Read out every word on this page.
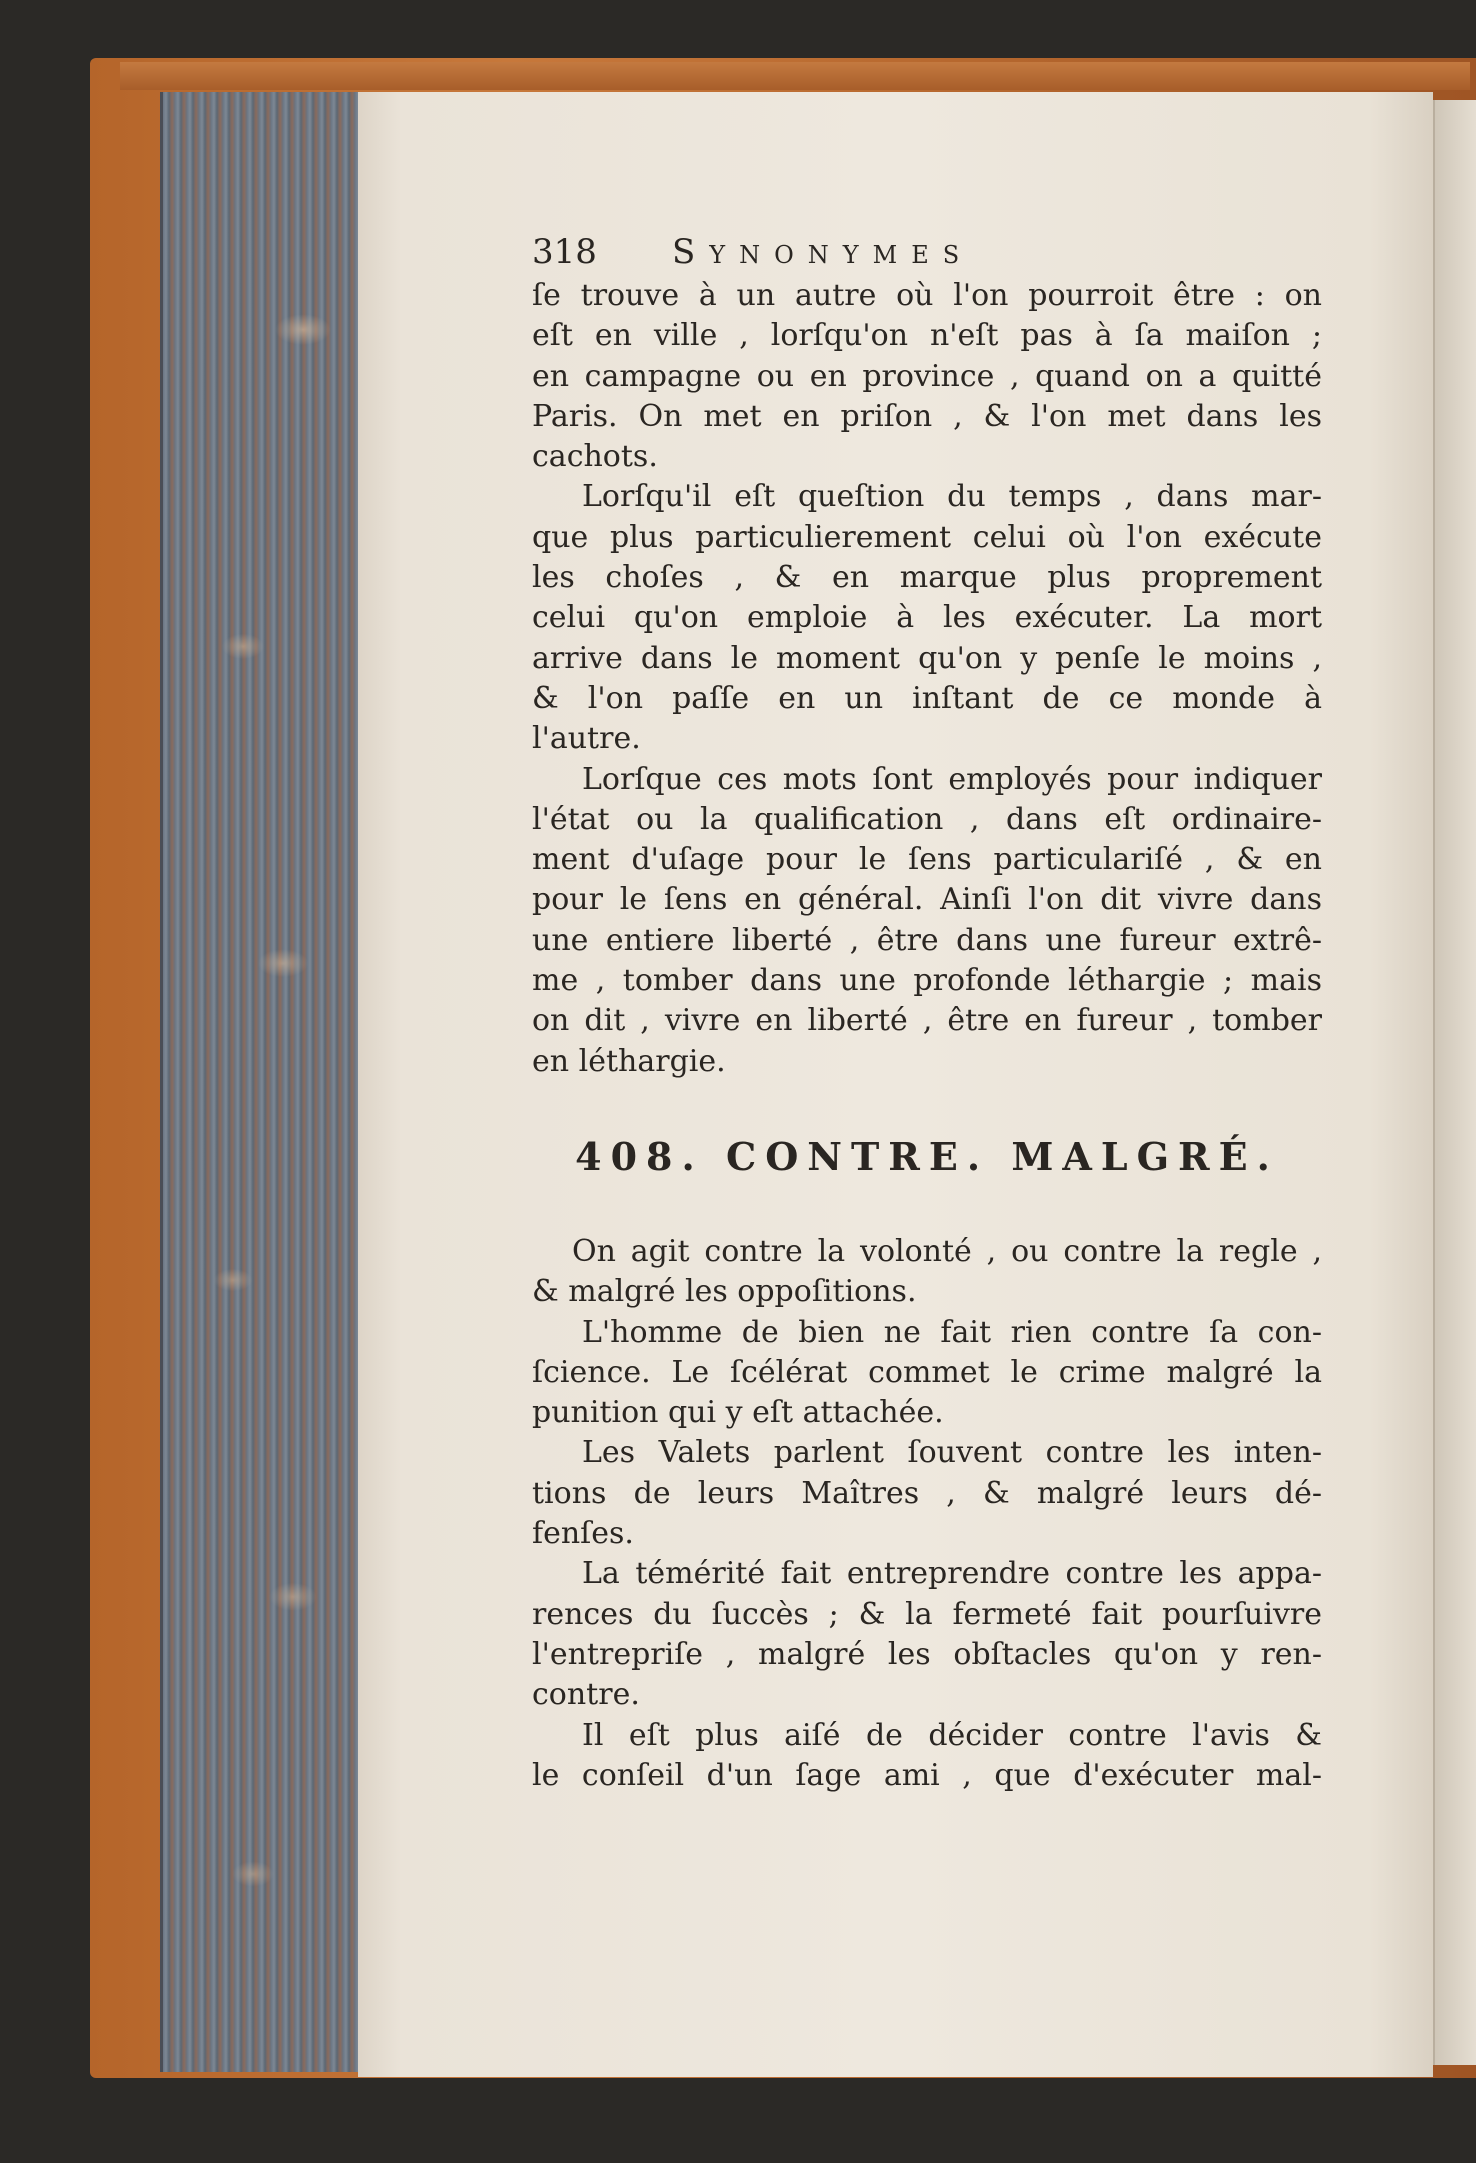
318	Synonymes
ſe trouve à un autre où l'on pourroit être : on
eſt en ville , lorſqu'on n'eſt pas à ſa maiſon ;
en campagne ou en province , quand on a quitté
Paris. On met en priſon , & l'on met dans les
cachots.
Lorſqu'il eſt queſtion du temps , dans mar-
que plus particulierement celui où l'on exécute
les choſes , & en marque plus proprement
celui qu'on emploie à les exécuter. La mort
arrive dans le moment qu'on y penſe le moins ,
& l'on paſſe en un inſtant de ce monde à
l'autre.
Lorſque ces mots ſont employés pour indiquer
l'état ou la qualification , dans eſt ordinaire-
ment d'uſage pour le ſens particulariſé , & en
pour le ſens en général. Ainſi l'on dit vivre dans
une entiere liberté , être dans une fureur extrê-
me , tomber dans une profonde léthargie ; mais
on dit , vivre en liberté , être en fureur , tomber
en léthargie.
408. CONTRE. MALGRÉ.
On agit contre la volonté , ou contre la regle ,
& malgré les oppoſitions.
L'homme de bien ne fait rien contre ſa con-
ſcience. Le ſcélérat commet le crime malgré la
punition qui y eſt attachée.
Les Valets parlent ſouvent contre les inten-
tions de leurs Maîtres , & malgré leurs dé-
fenſes.
La témérité fait entreprendre contre les appa-
rences du ſuccès ; & la fermeté fait pourſuivre
l'entrepriſe , malgré les obſtacles qu'on y ren-
contre.
Il eſt plus aiſé de décider contre l'avis &
le conſeil d'un ſage ami , que d'exécuter mal-
